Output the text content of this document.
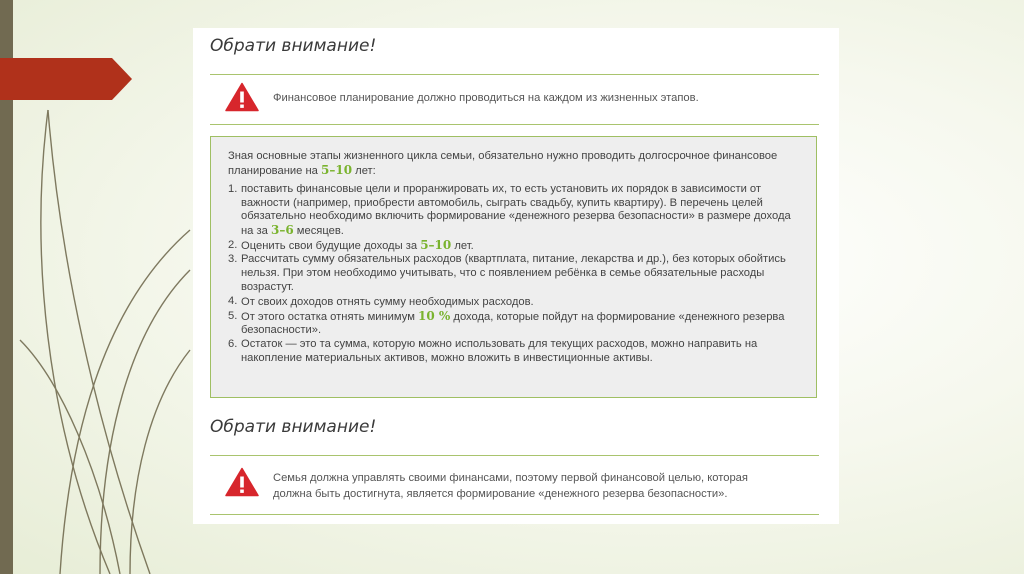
Обрати внимание!
Финансовое планирование должно проводиться на каждом из жизненных этапов.
Зная основные этапы жизненного цикла семьи, обязательно нужно проводить долгосрочное финансовое планирование на 5–10 лет:
1. поставить финансовые цели и проранжировать их, то есть установить их порядок в зависимости от важности (например, приобрести автомобиль, сыграть свадьбу, купить квартиру). В перечень целей обязательно необходимо включить формирование «денежного резерва безопасности» в размере дохода на за 3–6 месяцев.
2. Оценить свои будущие доходы за 5–10 лет.
3. Рассчитать сумму обязательных расходов (квартплата, питание, лекарства и др.), без которых обойтись нельзя. При этом необходимо учитывать, что с появлением ребёнка в семье обязательные расходы возрастут.
4. От своих доходов отнять сумму необходимых расходов.
5. От этого остатка отнять минимум 10 % дохода, которые пойдут на формирование «денежного резерва безопасности».
6. Остаток — это та сумма, которую можно использовать для текущих расходов, можно направить на накопление материальных активов, можно вложить в инвестиционные активы.
Обрати внимание!
Семья должна управлять своими финансами, поэтому первой финансовой целью, которая должна быть достигнута, является формирование «денежного резерва безопасности».
